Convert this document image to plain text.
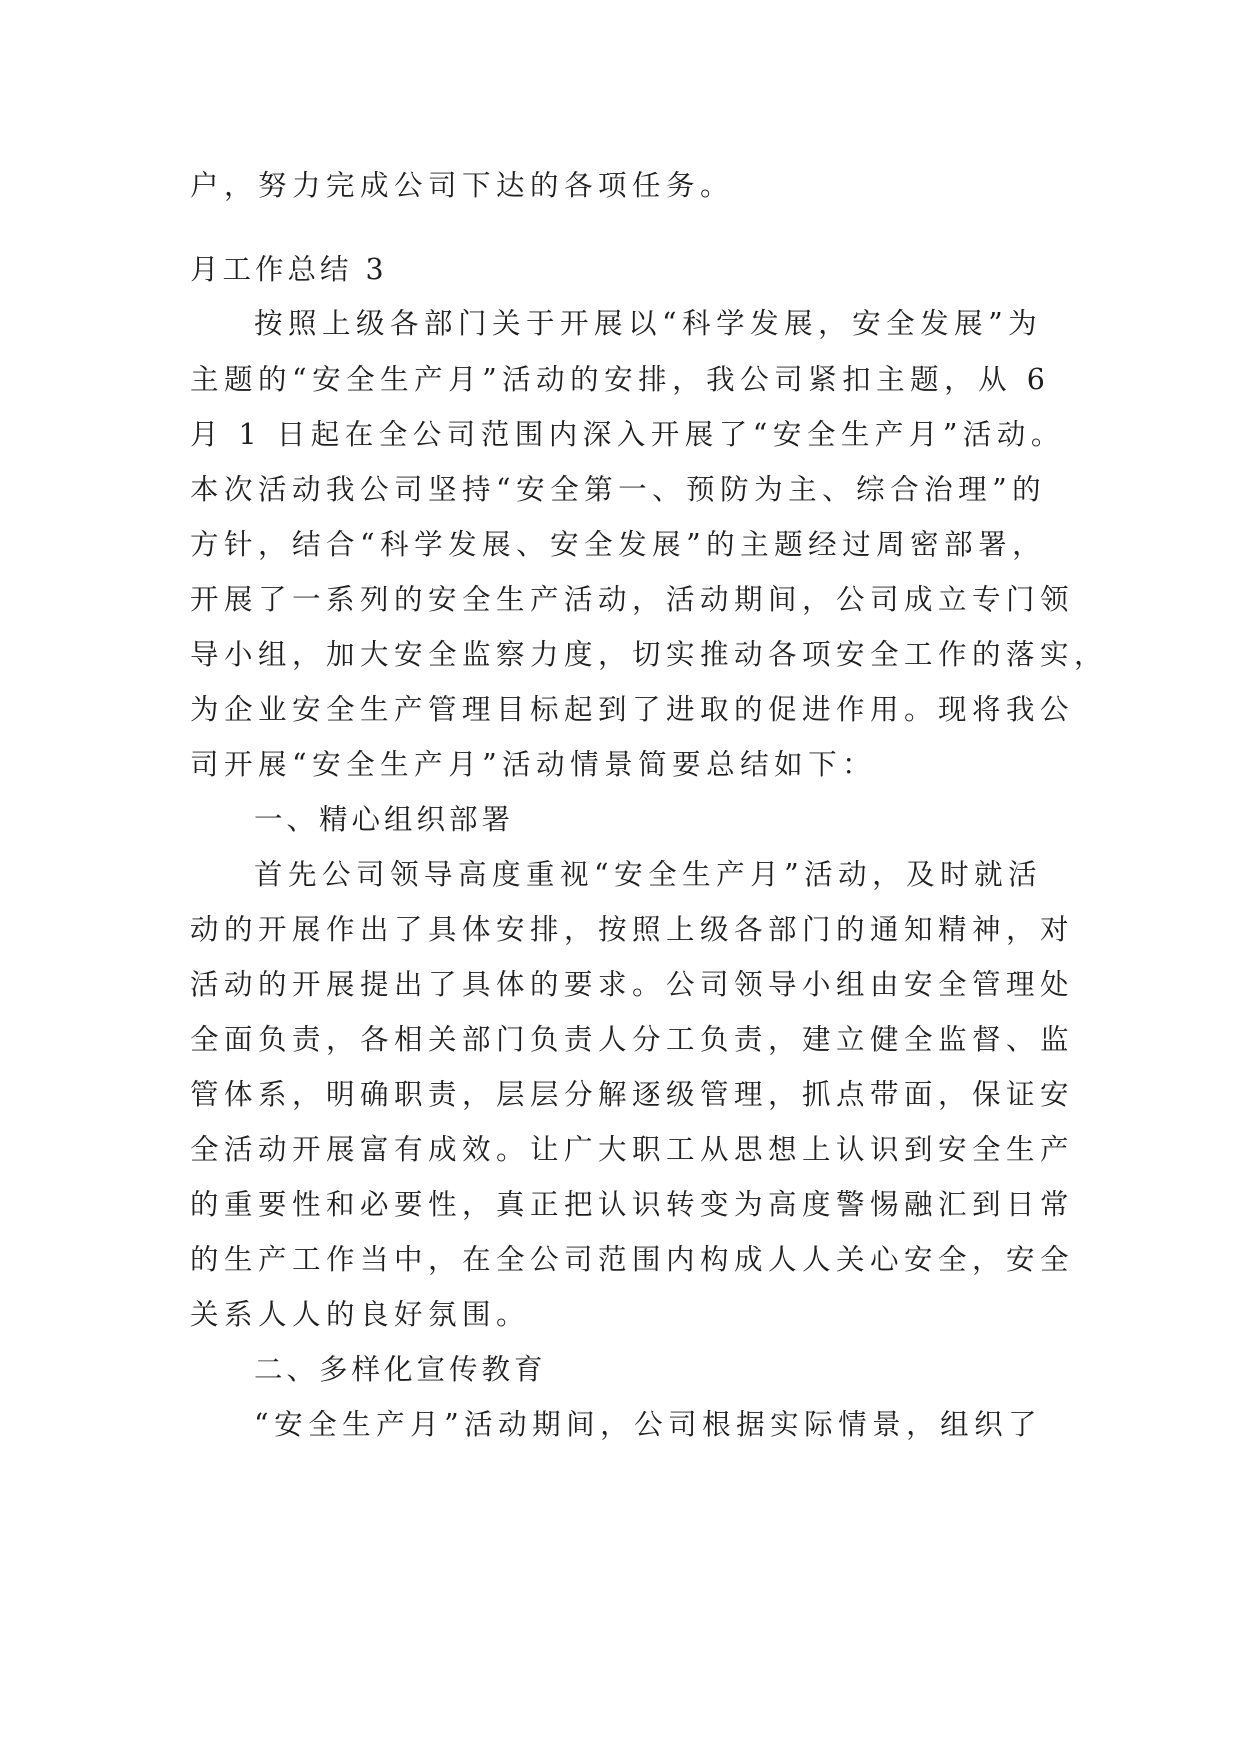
户，努力完成公司下达的各项任务。

月工作总结 3

按照上级各部门关于开展以“科学发展，安全发展”为

主题的“安全生产月”活动的安排，我公司紧扣主题，从 6

月 1 日起在全公司范围内深入开展了“安全生产月”活动。

本次活动我公司坚持“安全第一、预防为主、综合治理”的

方针，结合“科学发展、安全发展”的主题经过周密部署，

开展了一系列的安全生产活动，活动期间，公司成立专门领

导小组，加大安全监察力度，切实推动各项安全工作的落实，

为企业安全生产管理目标起到了进取的促进作用。现将我公

司开展“安全生产月”活动情景简要总结如下：

一、精心组织部署

首先公司领导高度重视“安全生产月”活动，及时就活

动的开展作出了具体安排，按照上级各部门的通知精神，对

活动的开展提出了具体的要求。公司领导小组由安全管理处

全面负责，各相关部门负责人分工负责，建立健全监督、监

管体系，明确职责，层层分解逐级管理，抓点带面，保证安

全活动开展富有成效。让广大职工从思想上认识到安全生产

的重要性和必要性，真正把认识转变为高度警惕融汇到日常

的生产工作当中，在全公司范围内构成人人关心安全，安全

关系人人的良好氛围。

二、多样化宣传教育

“安全生产月”活动期间，公司根据实际情景，组织了
